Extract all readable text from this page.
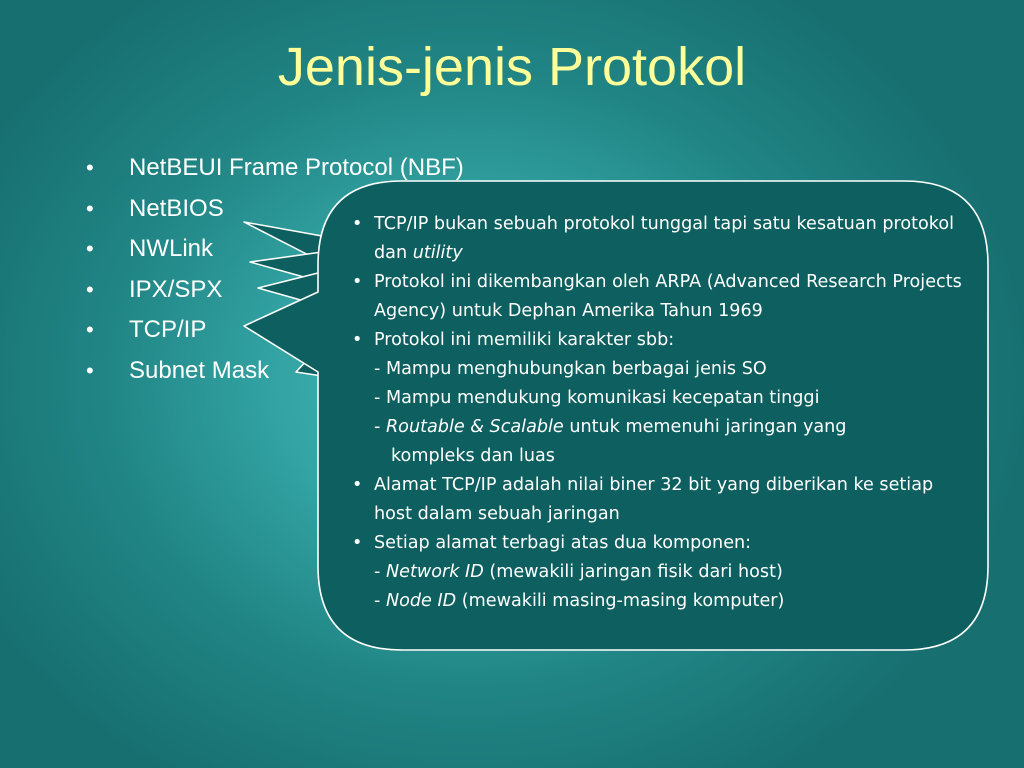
Jenis-jenis Protokol
•	NetBEUI Frame Protocol (NBF)
•	NetBIOS
•	NWLink
•	IPX/SPX
•	TCP/IP
•	Subnet Mask
• TCP/IP bukan sebuah protokol tunggal tapi satu kesatuan protokol dan utility
• Protokol ini dikembangkan oleh ARPA (Advanced Research Projects Agency) untuk Dephan Amerika Tahun 1969
• Protokol ini memiliki karakter sbb:
- Mampu menghubungkan berbagai jenis SO
- Mampu mendukung komunikasi kecepatan tinggi
- Routable & Scalable untuk memenuhi jaringan yang
kompleks dan luas
• Alamat TCP/IP adalah nilai biner 32 bit yang diberikan ke setiap host dalam sebuah jaringan
• Setiap alamat terbagi atas dua komponen:
- Network ID (mewakili jaringan fisik dari host)
- Node ID (mewakili masing-masing komputer)
